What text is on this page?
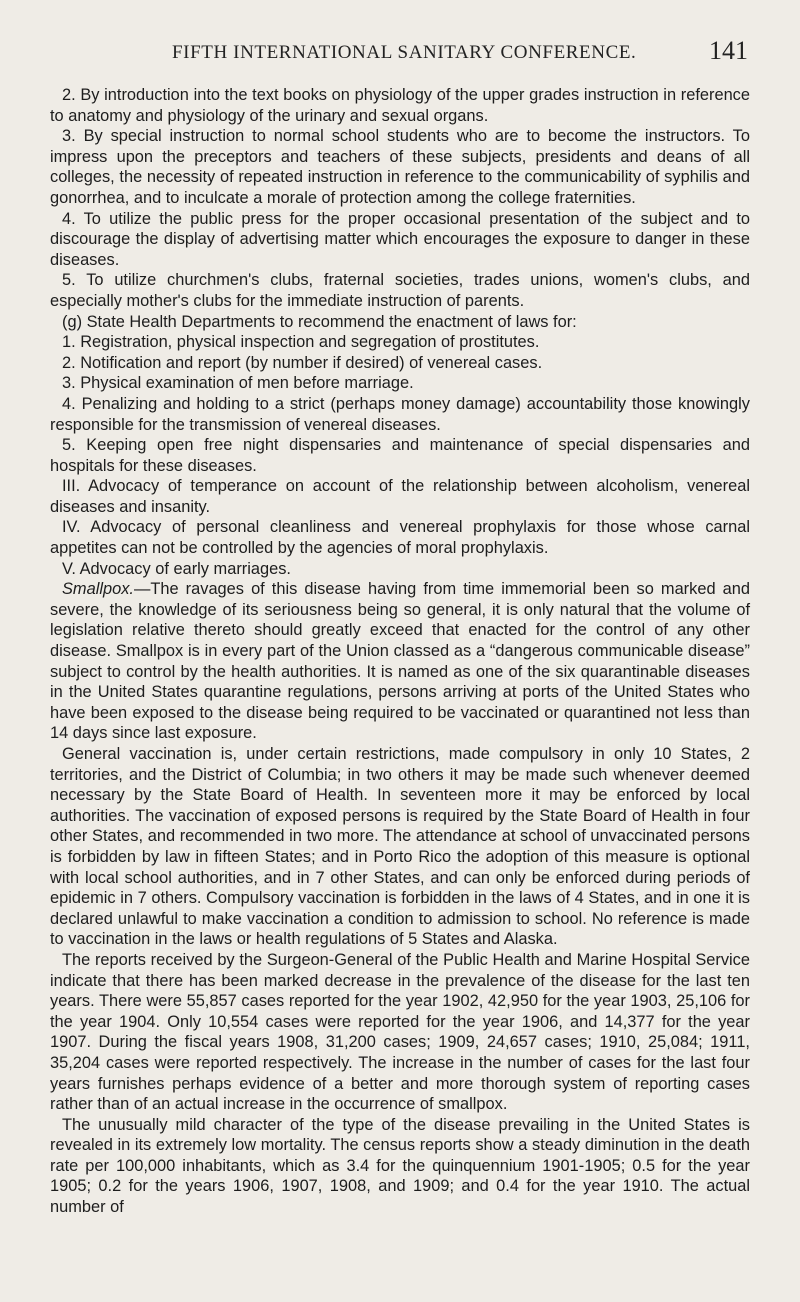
FIFTH INTERNATIONAL SANITARY CONFERENCE.	141

2. By introduction into the text books on physiology of the upper grades instruction in reference to anatomy and physiology of the urinary and sexual organs.

3. By special instruction to normal school students who are to become the instructors. To impress upon the preceptors and teachers of these subjects, presidents and deans of all colleges, the necessity of repeated instruction in reference to the communicability of syphilis and gonorrhea, and to inculcate a morale of protection among the college fraternities.

4. To utilize the public press for the proper occasional presentation of the subject and to discourage the display of advertising matter which encourages the exposure to danger in these diseases.

5. To utilize churchmen's clubs, fraternal societies, trades unions, women's clubs, and especially mother's clubs for the immediate instruction of parents.

(g) State Health Departments to recommend the enactment of laws for:

1. Registration, physical inspection and segregation of prostitutes.

2. Notification and report (by number if desired) of venereal cases.

3. Physical examination of men before marriage.

4. Penalizing and holding to a strict (perhaps money damage) accountability those knowingly responsible for the transmission of venereal diseases.

5. Keeping open free night dispensaries and maintenance of special dispensaries and hospitals for these diseases.

III. Advocacy of temperance on account of the relationship between alcoholism, venereal diseases and insanity.

IV. Advocacy of personal cleanliness and venereal prophylaxis for those whose carnal appetites can not be controlled by the agencies of moral prophylaxis.

V. Advocacy of early marriages.

Smallpox.—The ravages of this disease having from time immemorial been so marked and severe, the knowledge of its seriousness being so general, it is only natural that the volume of legislation relative thereto should greatly exceed that enacted for the control of any other disease. Smallpox is in every part of the Union classed as a “dangerous communicable disease” subject to control by the health authorities. It is named as one of the six quarantinable diseases in the United States quarantine regulations, persons arriving at ports of the United States who have been exposed to the disease being required to be vaccinated or quarantined not less than 14 days since last exposure.

General vaccination is, under certain restrictions, made compulsory in only 10 States, 2 territories, and the District of Columbia; in two others it may be made such whenever deemed necessary by the State Board of Health. In seventeen more it may be enforced by local authorities. The vaccination of exposed persons is required by the State Board of Health in four other States, and recommended in two more. The attendance at school of unvaccinated persons is forbidden by law in fifteen States; and in Porto Rico the adoption of this measure is optional with local school authorities, and in 7 other States, and can only be enforced during periods of epidemic in 7 others. Compulsory vaccination is forbidden in the laws of 4 States, and in one it is declared unlawful to make vaccination a condition to admission to school. No reference is made to vaccination in the laws or health regulations of 5 States and Alaska.

The reports received by the Surgeon-General of the Public Health and Marine Hospital Service indicate that there has been marked decrease in the prevalence of the disease for the last ten years. There were 55,857 cases reported for the year 1902, 42,950 for the year 1903, 25,106 for the year 1904. Only 10,554 cases were reported for the year 1906, and 14,377 for the year 1907. During the fiscal years 1908, 31,200 cases; 1909, 24,657 cases; 1910, 25,084; 1911, 35,204 cases were reported respectively. The increase in the number of cases for the last four years furnishes perhaps evidence of a better and more thorough system of reporting cases rather than of an actual increase in the occurrence of smallpox.

The unusually mild character of the type of the disease prevailing in the United States is revealed in its extremely low mortality. The census reports show a steady diminution in the death rate per 100,000 inhabitants, which as 3.4 for the quinquennium 1901-1905; 0.5 for the year 1905; 0.2 for the years 1906, 1907, 1908, and 1909; and 0.4 for the year 1910. The actual number of
